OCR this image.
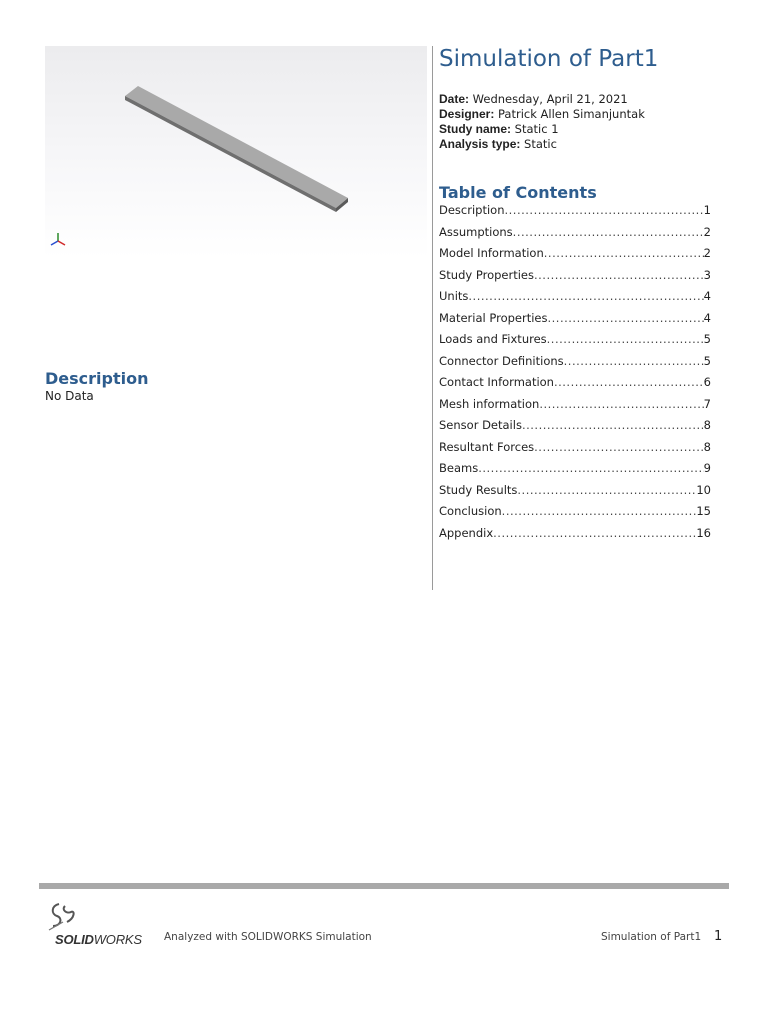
Simulation of Part1
Date: Wednesday, April 21, 2021
Designer: Patrick Allen Simanjuntak
Study name: Static 1
Analysis type: Static
Table of Contents
Description .....	1
Assumptions .....	2
Model Information .....	2
Study Properties .....	3
Units .....	4
Material Properties .....	4
Loads and Fixtures .....	5
Connector Definitions .....	5
Contact Information .....	6
Mesh information .....	7
Sensor Details .....	8
Resultant Forces .....	8
Beams .....	9
Study Results .....	10
Conclusion .....	15
Appendix .....	16
Description
No Data
SOLIDWORKS Analyzed with SOLIDWORKS Simulation	Simulation of Part1 1
